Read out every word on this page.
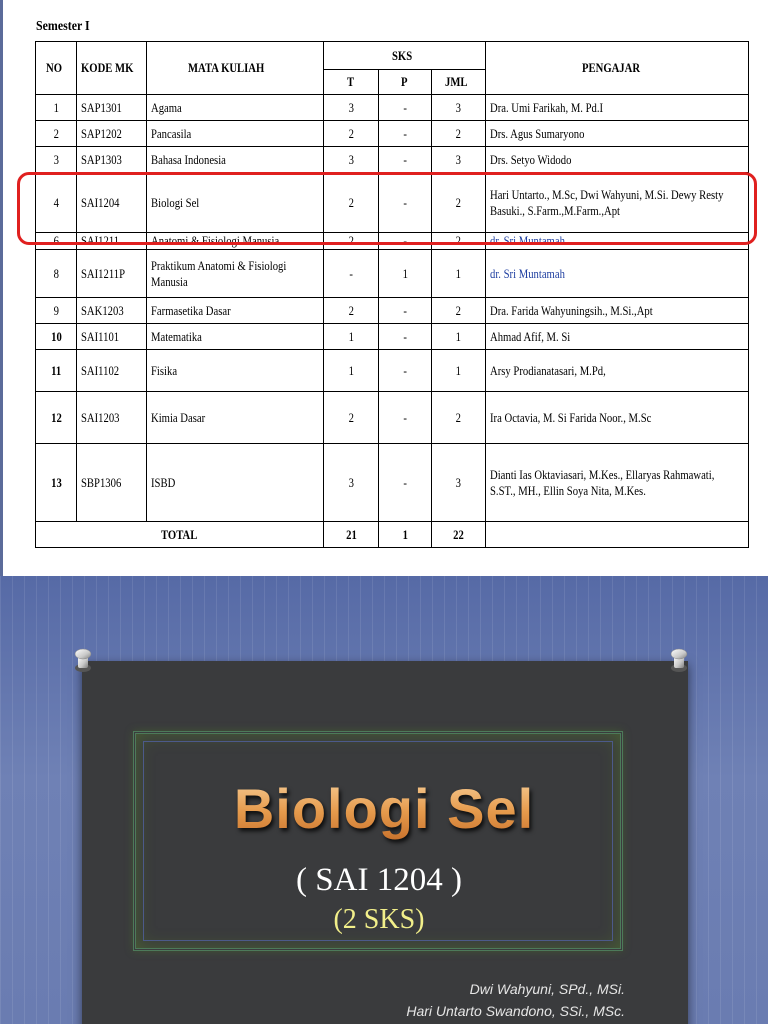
Semester I
NO	KODE MK	MATA KULIAH	SKS			PENGAJAR
			T	P	JML	
1	SAP1301	Agama	3	-	3	Dra. Umi Farikah, M. Pd.I
2	SAP1202	Pancasila	2	-	2	Drs. Agus Sumaryono
3	SAP1303	Bahasa Indonesia	3	-	3	Drs. Setyo Widodo
4	SAI1204	Biologi Sel	2	-	2	Hari Untarto., M.Sc, Dwi Wahyuni, M.Si. Dewy Resty Basuki., S.Farm.,M.Farm.,Apt
6	SAI1211	Anatomi & Fisiologi Manusia	2	-	2	dr. Sri Muntamah
8	SAI1211P	Praktikum Anatomi & Fisiologi Manusia	-	1	1	dr. Sri Muntamah
9	SAK1203	Farmasetika Dasar	2	-	2	Dra. Farida Wahyuningsih., M.Si.,Apt
10	SAI1101	Matematika	1	-	1	Ahmad Afif, M. Si
11	SAI1102	Fisika	1	-	1	Arsy Prodianatasari, M.Pd,
12	SAI1203	Kimia Dasar	2	-	2	Ira Octavia, M. Si Farida Noor., M.Sc
13	SBP1306	ISBD	3	-	3	Dianti Ias Oktaviasari, M.Kes., Ellaryas Rahmawati, S.ST., MH., Ellin Soya Nita, M.Kes.
TOTAL			21	1	22	
Biologi Sel
( SAI 1204 )
(2 SKS)
Dwi Wahyuni, SPd., MSi.
Hari Untarto Swandono, SSi., MSc.
